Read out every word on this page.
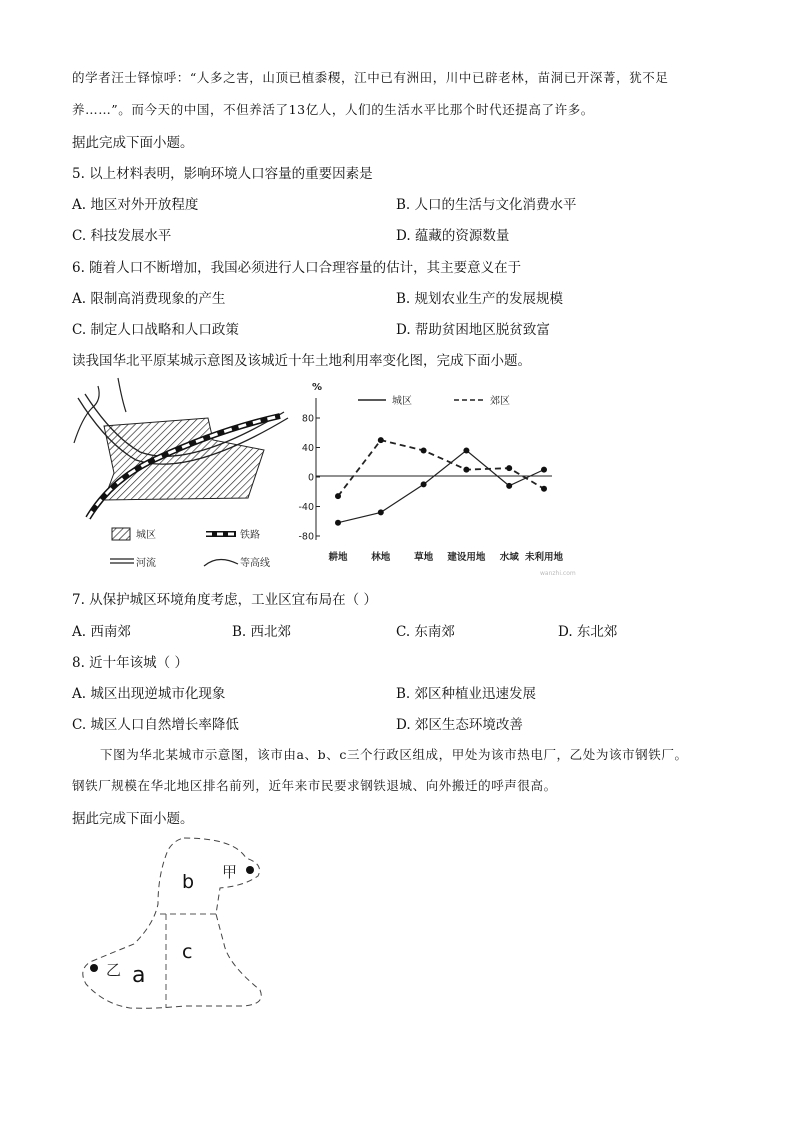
的学者汪士铎惊呼：“人多之害，山顶已植黍稷，江中已有洲田，川中已辟老林，苗洞已开深菁，犹不足
养……”。而今天的中国，不但养活了13亿人，人们的生活水平比那个时代还提高了许多。
据此完成下面小题。
5. 以上材料表明，影响环境人口容量的重要因素是
A. 地区对外开放程度	B. 人口的生活与文化消费水平
C. 科技发展水平	D. 蕴藏的资源数量
6. 随着人口不断增加，我国必须进行人口合理容量的估计，其主要意义在于
A. 限制高消费现象的产生	B. 规划农业生产的发展规模
C. 制定人口战略和人口政策	D. 帮助贫困地区脱贫致富
读我国华北平原某城示意图及该城近十年土地利用率变化图，完成下面小题。
城区	铁路
河流	等高线
%
城区	郊区
80
40
0
-40
-80
耕地	林地	草地 建设用地 水域 未利用地
wanzhi.com
7. 从保护城区环境角度考虑，工业区宜布局在（ ）
A. 西南郊	B. 西北郊	C. 东南郊	D. 东北郊
8. 近十年该城（ ）
A. 城区出现逆城市化现象	B. 郊区种植业迅速发展
C. 城区人口自然增长率降低	D. 郊区生态环境改善
下图为华北某城市示意图，该市由a、b、c三个行政区组成，甲处为该市热电厂，乙处为该市钢铁厂。
钢铁厂规模在华北地区排名前列，近年来市民要求钢铁退城、向外搬迁的呼声很高。
据此完成下面小题。
b
c
a
甲
乙
